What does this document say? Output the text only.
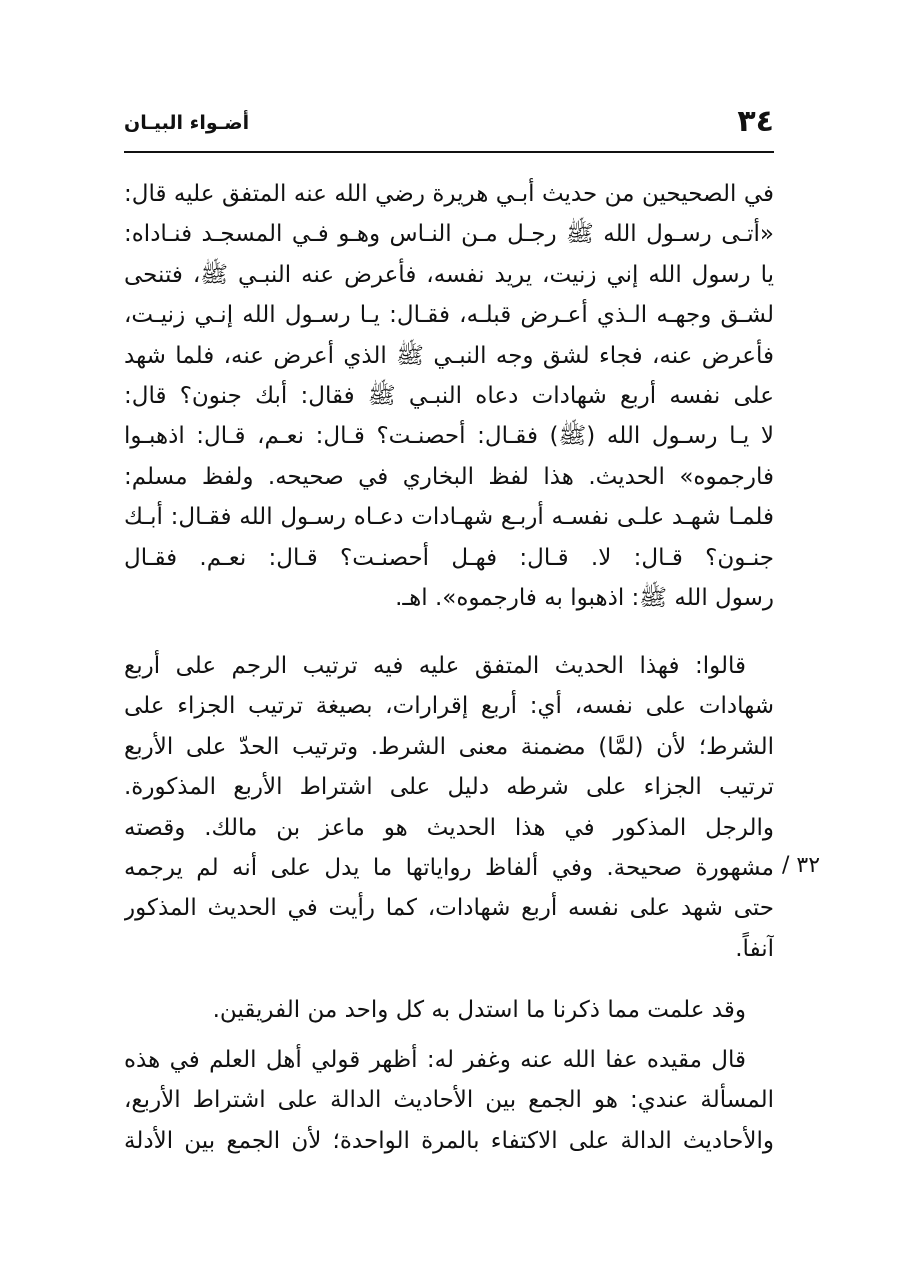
أضـواء البيـان	٣٤
في الصحيحين من حديث أبـي هريرة رضي الله عنه المتفق عليه قال:
«أتـى رسـول الله ﷺ رجـل مـن النـاس وهـو فـي المسجـد فنـاداه:
يا رسول الله إني زنيت، يريد نفسه، فأعرض عنه النبـي ﷺ، فتنحى
لشـق وجهـه الـذي أعـرض قبلـه، فقـال: يـا رسـول الله إنـي زنيـت،
فأعرض عنه، فجاء لشق وجه النبـي ﷺ الذي أعرض عنه، فلما شهد
على نفسه أربع شهادات دعاه النبـي ﷺ فقال: أبك جنون؟ قال:
لا يـا رسـول الله (ﷺ) فقـال: أحصنـت؟ قـال: نعـم، قـال: اذهبـوا
فارجموه» الحديث. هذا لفظ البخاري في صحيحه. ولفظ مسلم:
فلمـا شهـد علـى نفسـه أربـع شهـادات دعـاه رسـول الله فقـال: أبـك
جنـون؟ قـال: لا. قـال: فهـل أحصنـت؟ قـال: نعـم. فقـال
رسول الله ﷺ: اذهبوا به فارجموه». اهـ.
قالوا: فهذا الحديث المتفق عليه فيه ترتيب الرجم على أربع
شهادات على نفسه، أي: أربع إقرارات، بصيغة ترتيب الجزاء على
الشرط؛ لأن (لمَّا) مضمنة معنى الشرط. وترتيب الحدّ على الأربع
ترتيب الجزاء على شرطه دليل على اشتراط الأربع المذكورة.
والرجل المذكور في هذا الحديث هو ماعز بن مالك. وقصته
مشهورة صحيحة. وفي ألفاظ رواياتها ما يدل على أنه لم يرجمه
حتى شهد على نفسه أربع شهادات، كما رأيت في الحديث المذكور
آنفاً.
٣٢ /
وقد علمت مما ذكرنا ما استدل به كل واحد من الفريقين.
قال مقيده عفا الله عنه وغفر له: أظهر قولي أهل العلم في هذه
المسألة عندي: هو الجمع بين الأحاديث الدالة على اشتراط الأربع،
والأحاديث الدالة على الاكتفاء بالمرة الواحدة؛ لأن الجمع بين الأدلة
